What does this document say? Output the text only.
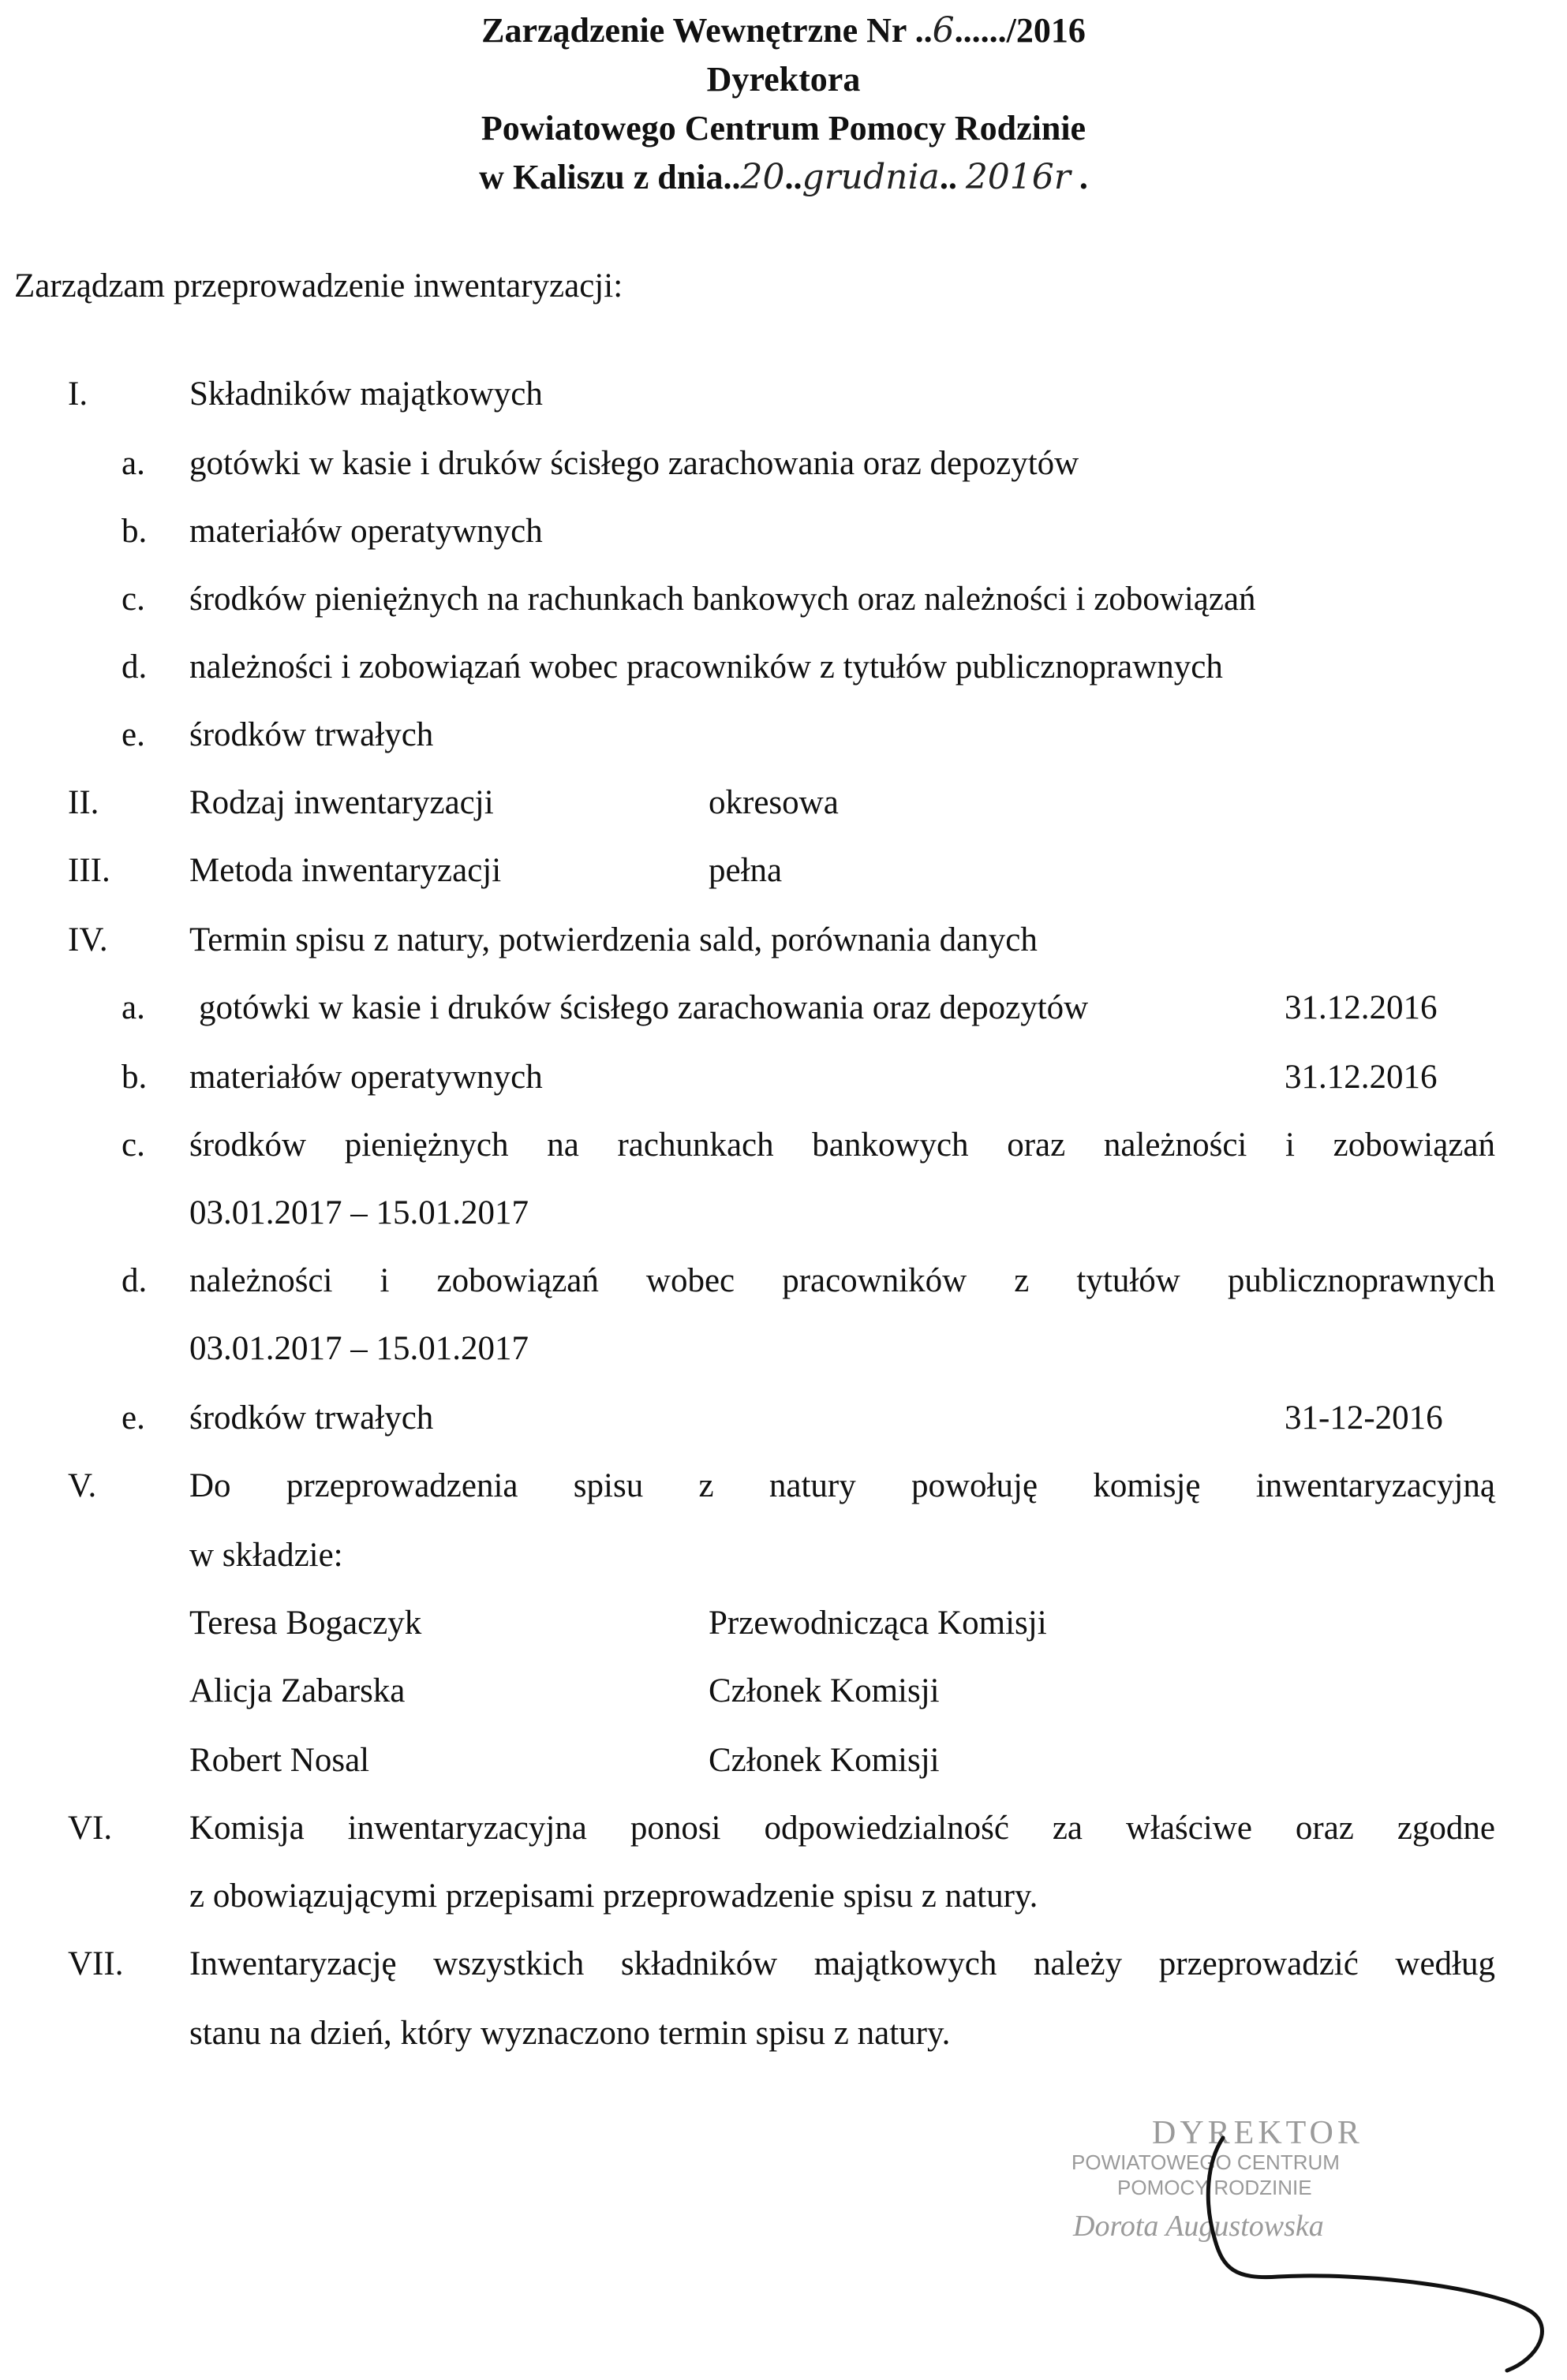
Zarządzenie Wewnętrzne Nr ..6....../2016
Dyrektora
Powiatowego Centrum Pomocy Rodzinie
w Kaliszu z dnia..20..grudnia.. 2016r .
Zarządzam przeprowadzenie inwentaryzacji:
I.	Składników majątkowych
a. gotówki w kasie i druków ścisłego zarachowania oraz depozytów
b. materiałów operatywnych
c. środków pieniężnych na rachunkach bankowych oraz należności i zobowiązań
d. należności i zobowiązań wobec pracowników z tytułów publicznoprawnych
e. środków trwałych
II.	Rodzaj inwentaryzacji	okresowa
III. Metoda inwentaryzacji	pełna
IV. Termin spisu z natury, potwierdzenia sald, porównania danych
a. gotówki w kasie i druków ścisłego zarachowania oraz depozytów	31.12.2016
b. materiałów operatywnych	31.12.2016
c. środków pieniężnych na rachunkach bankowych oraz należności i zobowiązań
03.01.2017 – 15.01.2017
d. należności i zobowiązań wobec pracowników z tytułów publicznoprawnych
03.01.2017 – 15.01.2017
e. środków trwałych	31-12-2016
V.	Do przeprowadzenia spisu z natury powołuję komisję inwentaryzacyjną
w składzie:
Teresa Bogaczyk	Przewodnicząca Komisji
Alicja Zabarska	Członek Komisji
Robert Nosal	Członek Komisji
VI. Komisja inwentaryzacyjna ponosi odpowiedzialność za właściwe oraz zgodne
z obowiązującymi przepisami przeprowadzenie spisu z natury.
VII. Inwentaryzację wszystkich składników majątkowych należy przeprowadzić według
stanu na dzień, który wyznaczono termin spisu z natury.
DYREKTOR
POWIATOWEGO CENTRUM
POMOCY RODZINIE
Dorota Augustowska
